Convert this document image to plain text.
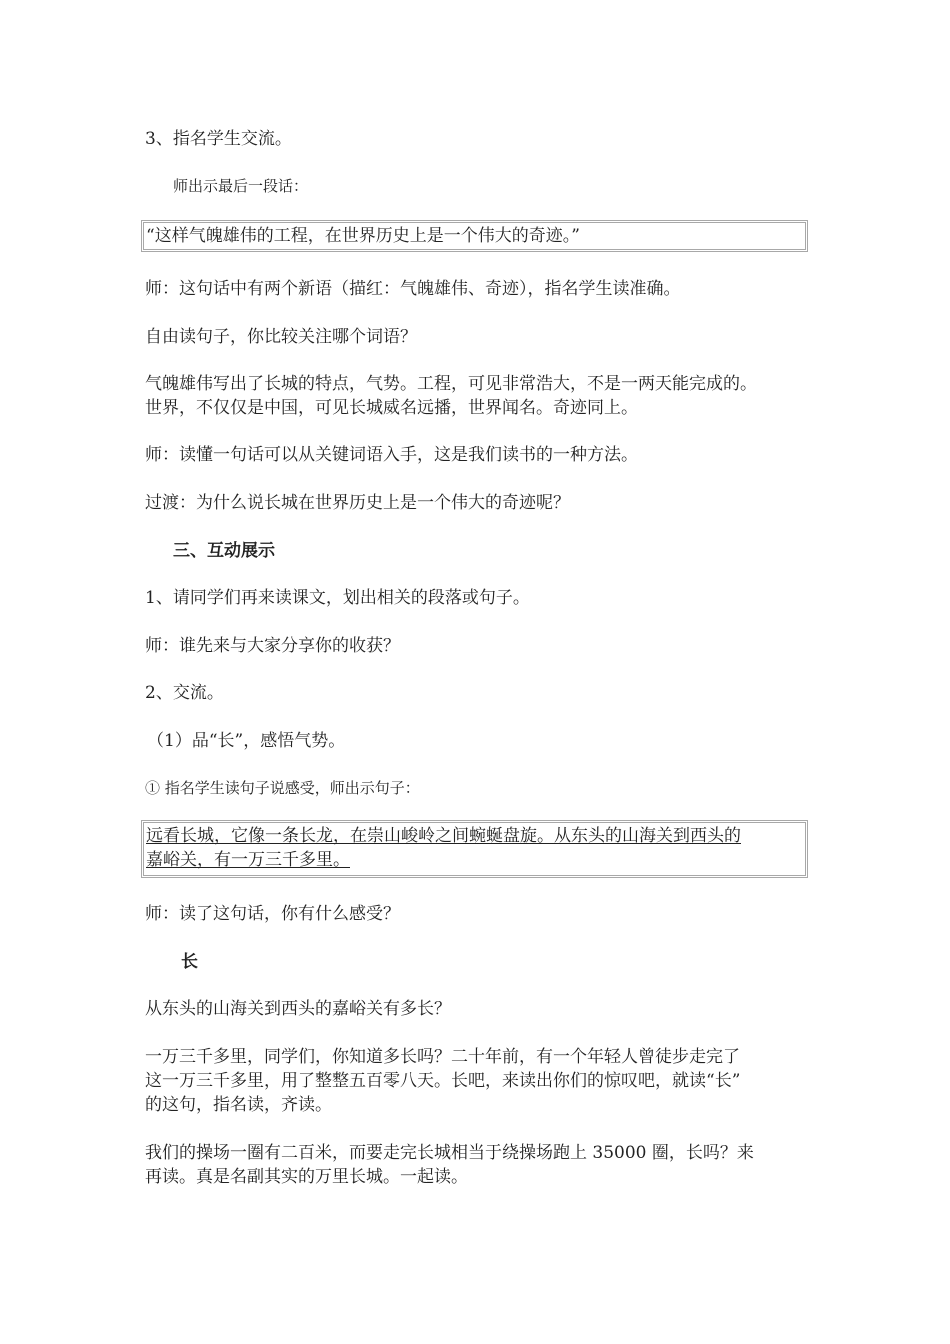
3、指名学生交流。
师出示最后一段话：
“这样气魄雄伟的工程，在世界历史上是一个伟大的奇迹。”
师：这句话中有两个新语（描红：气魄雄伟、奇迹），指名学生读准确。
自由读句子，你比较关注哪个词语？
气魄雄伟写出了长城的特点，气势。工程，可见非常浩大，不是一两天能完成的。
世界，不仅仅是中国，可见长城威名远播，世界闻名。奇迹同上。
师：读懂一句话可以从关键词语入手，这是我们读书的一种方法。
过渡：为什么说长城在世界历史上是一个伟大的奇迹呢？
三、互动展示
1、请同学们再来读课文，划出相关的段落或句子。
师：谁先来与大家分享你的收获？
2、交流。
（1）品“长”，感悟气势。
① 指名学生读句子说感受，师出示句子：
远看长城，它像一条长龙，在崇山峻岭之间蜿蜒盘旋。从东头的山海关到西头的
嘉峪关，有一万三千多里。
师：读了这句话，你有什么感受？
长
从东头的山海关到西头的嘉峪关有多长？
一万三千多里，同学们，你知道多长吗？二十年前，有一个年轻人曾徒步走完了
这一万三千多里，用了整整五百零八天。长吧，来读出你们的惊叹吧，就读“长”
的这句，指名读，齐读。
我们的操场一圈有二百米，而要走完长城相当于绕操场跑上 35000 圈，长吗？来
再读。真是名副其实的万里长城。一起读。
